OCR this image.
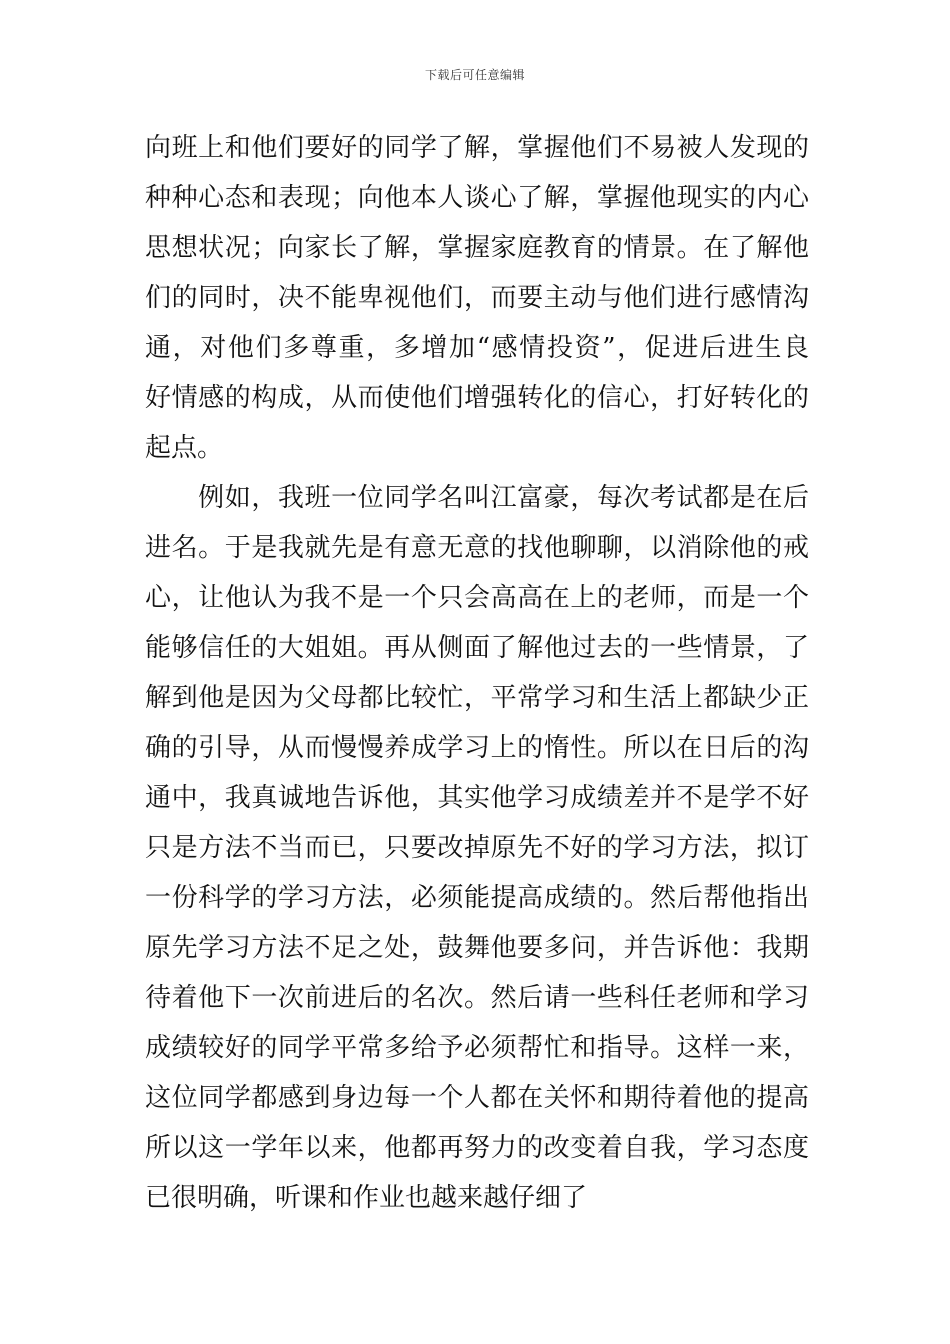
下载后可任意编辑
向班上和他们要好的同学了解，掌握他们不易被人发现的
种种心态和表现；向他本人谈心了解，掌握他现实的内心
思想状况；向家长了解，掌握家庭教育的情景。在了解他
们的同时，决不能卑视他们，而要主动与他们进行感情沟
通，对他们多尊重，多增加“感情投资”，促进后进生良
好情感的构成，从而使他们增强转化的信心，打好转化的
起点。
　　例如，我班一位同学名叫江富豪，每次考试都是在后
进名。于是我就先是有意无意的找他聊聊，以消除他的戒
心，让他认为我不是一个只会高高在上的老师，而是一个
能够信任的大姐姐。再从侧面了解他过去的一些情景，了
解到他是因为父母都比较忙，平常学习和生活上都缺少正
确的引导，从而慢慢养成学习上的惰性。所以在日后的沟
通中，我真诚地告诉他，其实他学习成绩差并不是学不好
只是方法不当而已，只要改掉原先不好的学习方法，拟订
一份科学的学习方法，必须能提高成绩的。然后帮他指出
原先学习方法不足之处，鼓舞他要多问，并告诉他：我期
待着他下一次前进后的名次。然后请一些科任老师和学习
成绩较好的同学平常多给予必须帮忙和指导。这样一来，
这位同学都感到身边每一个人都在关怀和期待着他的提高
所以这一学年以来，他都再努力的改变着自我，学习态度
已很明确，听课和作业也越来越仔细了
